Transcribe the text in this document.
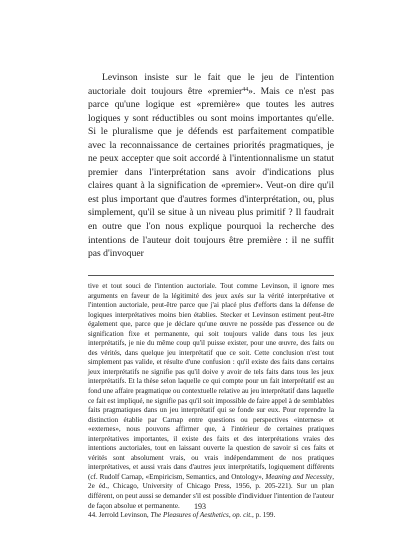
Levinson insiste sur le fait que le jeu de l'intention auctoriale doit toujours être «premier$^{44}$». Mais ce n'est pas parce qu'une logique est «première» que toutes les autres logiques y sont réductibles ou sont moins importantes qu'elle. Si le pluralisme que je défends est parfaitement compatible avec la reconnaissance de certaines priorités pragmatiques, je ne peux accepter que soit accordé à l'intentionnalisme un statut premier dans l'interprétation sans avoir d'indications plus claires quant à la signification de «premier». Veut-on dire qu'il est plus important que d'autres formes d'interprétation, ou, plus simplement, qu'il se situe à un niveau plus primitif ? Il faudrait en outre que l'on nous explique pourquoi la recherche des intentions de l'auteur doit toujours être première : il ne suffit pas d'invoquer

tive et tout souci de l'intention auctoriale. Tout comme Levinson, il ignore mes arguments en faveur de la légitimité des jeux axés sur la vérité interprétative et l'intention auctoriale, peut-être parce que j'ai placé plus d'efforts dans la défense de logiques interprétatives moins bien établies. Stecker et Levinson estiment peut-être également que, parce que je déclare qu'une œuvre ne possède pas d'essence ou de signification fixe et permanente, qui soit toujours valide dans tous les jeux interprétatifs, je nie du même coup qu'il puisse exister, pour une œuvre, des faits ou des vérités, dans quelque jeu interprétatif que ce soit. Cette conclusion n'est tout simplement pas valide, et résulte d'une confusion : qu'il existe des faits dans certains jeux interprétatifs ne signifie pas qu'il doive y avoir de tels faits dans tous les jeux interprétatifs. Et la thèse selon laquelle ce qui compte pour un fait interprétatif est au fond une affaire pragmatique ou contextuelle relative au jeu interprétatif dans laquelle ce fait est impliqué, ne signifie pas qu'il soit impossible de faire appel à de semblables faits pragmatiques dans un jeu interprétatif qui se fonde sur eux. Pour reprendre la distinction établie par Carnap entre questions ou perspectives «internes» et «externes», nous pouvons affirmer que, à l'intérieur de certaines pratiques interprétatives importantes, il existe des faits et des interprétations vraies des intentions auctoriales, tout en laissant ouverte la question de savoir si ces faits et vérités sont absolument vrais, ou vrais indépendamment de nos pratiques interprétatives, et aussi vrais dans d'autres jeux interprétatifs, logiquement différents (cf. Rudolf Carnap, «Empiricism, Semantics, and Ontology», Meaning and Necessity, 2e éd., Chicago, University of Chicago Press, 1956, p. 205-221). Sur un plan différent, on peut aussi se demander s'il est possible d'individuer l'intention de l'auteur de façon absolue et permanente.

44. Jerrold Levinson, The Pleasures of Aesthetics, op. cit., p. 199.

193
